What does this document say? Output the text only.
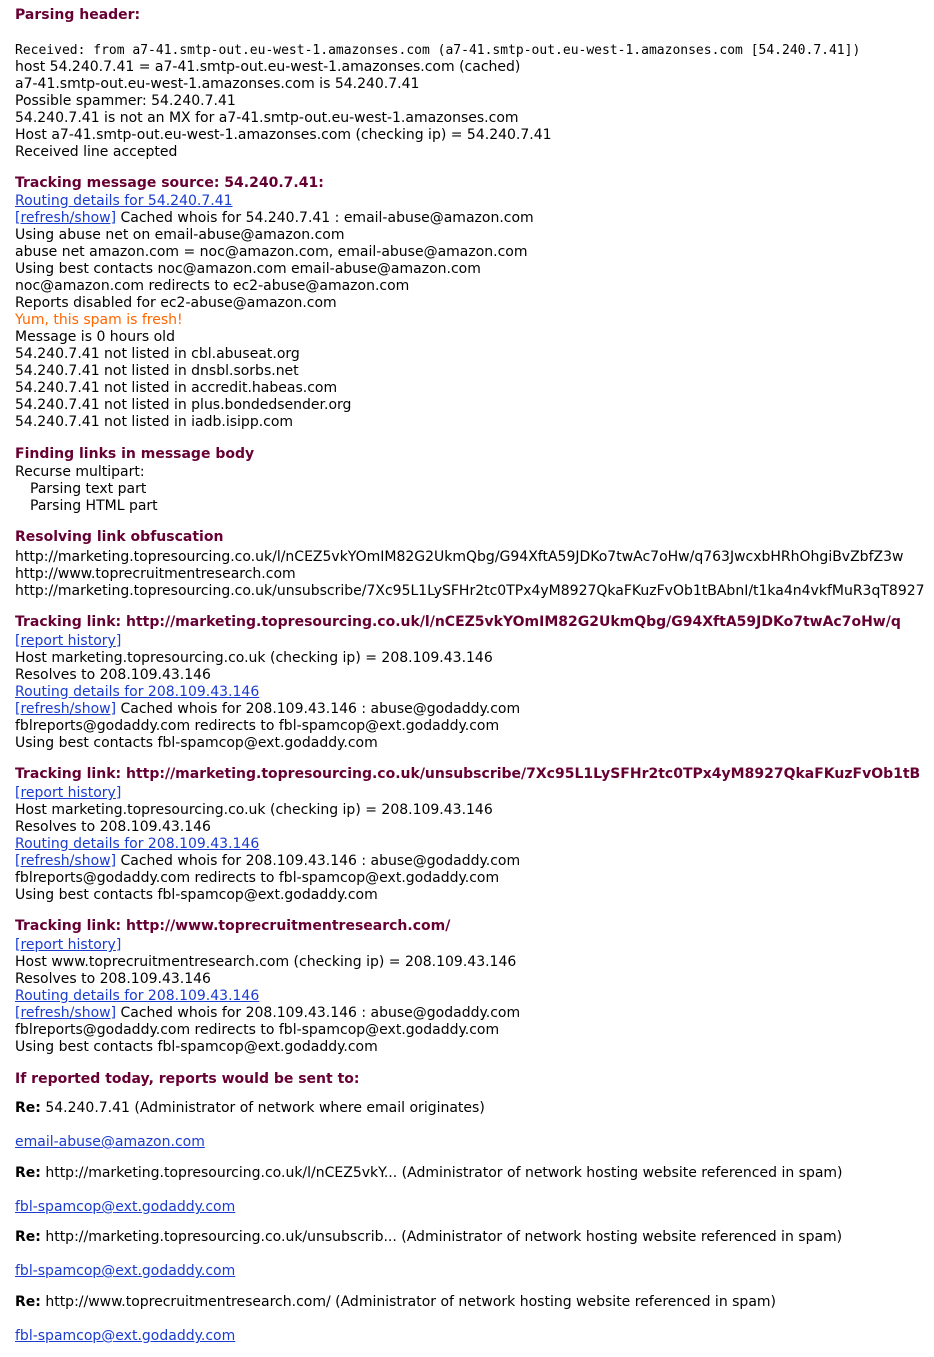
Parsing header:
Received: from a7-41.smtp-out.eu-west-1.amazonses.com (a7-41.smtp-out.eu-west-1.amazonses.com [54.240.7.41])
host 54.240.7.41 = a7-41.smtp-out.eu-west-1.amazonses.com (cached)
a7-41.smtp-out.eu-west-1.amazonses.com is 54.240.7.41
Possible spammer: 54.240.7.41
54.240.7.41 is not an MX for a7-41.smtp-out.eu-west-1.amazonses.com
Host a7-41.smtp-out.eu-west-1.amazonses.com (checking ip) = 54.240.7.41
Received line accepted
Tracking message source: 54.240.7.41:
Routing details for 54.240.7.41
[refresh/show] Cached whois for 54.240.7.41 : email-abuse@amazon.com
Using abuse net on email-abuse@amazon.com
abuse net amazon.com = noc@amazon.com, email-abuse@amazon.com
Using best contacts noc@amazon.com email-abuse@amazon.com
noc@amazon.com redirects to ec2-abuse@amazon.com
Reports disabled for ec2-abuse@amazon.com
Yum, this spam is fresh!
Message is 0 hours old
54.240.7.41 not listed in cbl.abuseat.org
54.240.7.41 not listed in dnsbl.sorbs.net
54.240.7.41 not listed in accredit.habeas.com
54.240.7.41 not listed in plus.bondedsender.org
54.240.7.41 not listed in iadb.isipp.com
Finding links in message body
Recurse multipart:
Parsing text part
Parsing HTML part
Resolving link obfuscation
http://marketing.topresourcing.co.uk/l/nCEZ5vkYOmIM82G2UkmQbg/G94XftA59JDKo7twAc7oHw/q763JwcxbHRhOhgiBvZbfZ3w
http://www.toprecruitmentresearch.com
http://marketing.topresourcing.co.uk/unsubscribe/7Xc95L1LySFHr2tc0TPx4yM8927QkaFKuzFvOb1tBAbnI/t1ka4n4vkfMuR3qT8927
Tracking link: http://marketing.topresourcing.co.uk/l/nCEZ5vkYOmIM82G2UkmQbg/G94XftA59JDKo7twAc7oHw/q
[report history]
Host marketing.topresourcing.co.uk (checking ip) = 208.109.43.146
Resolves to 208.109.43.146
Routing details for 208.109.43.146
[refresh/show] Cached whois for 208.109.43.146 : abuse@godaddy.com
fblreports@godaddy.com redirects to fbl-spamcop@ext.godaddy.com
Using best contacts fbl-spamcop@ext.godaddy.com
Tracking link: http://marketing.topresourcing.co.uk/unsubscribe/7Xc95L1LySFHr2tc0TPx4yM8927QkaFKuzFvOb1tB
[report history]
Host marketing.topresourcing.co.uk (checking ip) = 208.109.43.146
Resolves to 208.109.43.146
Routing details for 208.109.43.146
[refresh/show] Cached whois for 208.109.43.146 : abuse@godaddy.com
fblreports@godaddy.com redirects to fbl-spamcop@ext.godaddy.com
Using best contacts fbl-spamcop@ext.godaddy.com
Tracking link: http://www.toprecruitmentresearch.com/
[report history]
Host www.toprecruitmentresearch.com (checking ip) = 208.109.43.146
Resolves to 208.109.43.146
Routing details for 208.109.43.146
[refresh/show] Cached whois for 208.109.43.146 : abuse@godaddy.com
fblreports@godaddy.com redirects to fbl-spamcop@ext.godaddy.com
Using best contacts fbl-spamcop@ext.godaddy.com
If reported today, reports would be sent to:
Re: 54.240.7.41 (Administrator of network where email originates)
email-abuse@amazon.com
Re: http://marketing.topresourcing.co.uk/l/nCEZ5vkY... (Administrator of network hosting website referenced in spam)
fbl-spamcop@ext.godaddy.com
Re: http://marketing.topresourcing.co.uk/unsubscrib... (Administrator of network hosting website referenced in spam)
fbl-spamcop@ext.godaddy.com
Re: http://www.toprecruitmentresearch.com/ (Administrator of network hosting website referenced in spam)
fbl-spamcop@ext.godaddy.com
